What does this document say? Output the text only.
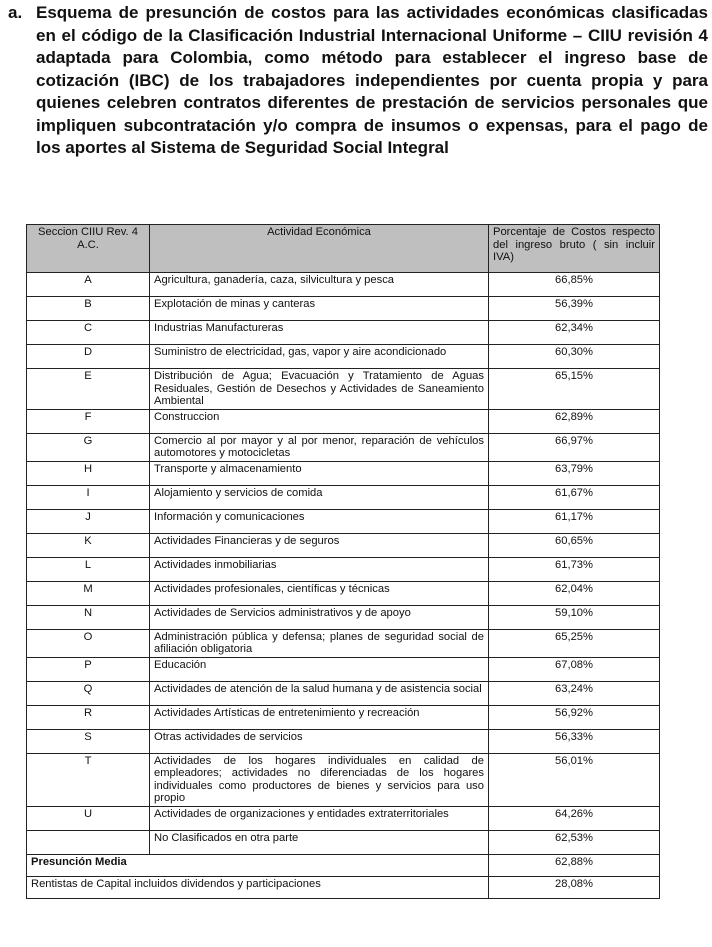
a. Esquema de presunción de costos para las actividades económicas clasificadas en el código de la Clasificación Industrial Internacional Uniforme – CIIU revisión 4 adaptada para Colombia, como método para establecer el ingreso base de cotización (IBC) de los trabajadores independientes por cuenta propia y para quienes celebren contratos diferentes de prestación de servicios personales que impliquen subcontratación y/o compra de insumos o expensas, para el pago de los aportes al Sistema de Seguridad Social Integral
Seccion CIIU Rev. 4 A.C.	Actividad Económica	Porcentaje de Costos respecto del ingreso bruto ( sin incluir IVA)
A	Agricultura, ganadería, caza, silvicultura y pesca	66,85%
B	Explotación de minas y canteras	56,39%
C	Industrias Manufactureras	62,34%
D	Suministro de electricidad, gas, vapor y aire acondicionado	60,30%
E	Distribución de Agua; Evacuación y Tratamiento de Aguas Residuales, Gestión de Desechos y Actividades de Saneamiento Ambiental	65,15%
F	Construccion	62,89%
G	Comercio al por mayor y al por menor, reparación de vehículos automotores y motocicletas	66,97%
H	Transporte y almacenamiento	63,79%
I	Alojamiento y servicios de comida	61,67%
J	Información y comunicaciones	61,17%
K	Actividades Financieras y de seguros	60,65%
L	Actividades inmobiliarias	61,73%
M	Actividades profesionales, científicas y técnicas	62,04%
N	Actividades de Servicios administrativos y de apoyo	59,10%
O	Administración pública y defensa; planes de seguridad social de afiliación obligatoria	65,25%
P	Educación	67,08%
Q	Actividades de atención de la salud humana y de asistencia social	63,24%
R	Actividades Artísticas de entretenimiento y recreación	56,92%
S	Otras actividades de servicios	56,33%
T	Actividades de los hogares individuales en calidad de empleadores; actividades no diferenciadas de los hogares individuales como productores de bienes y servicios para uso propio	56,01%
U	Actividades de organizaciones y entidades extraterritoriales	64,26%
	No Clasificados en otra parte	62,53%
Presunción Media		62,88%
Rentistas de Capital incluidos dividendos y participaciones		28,08%
